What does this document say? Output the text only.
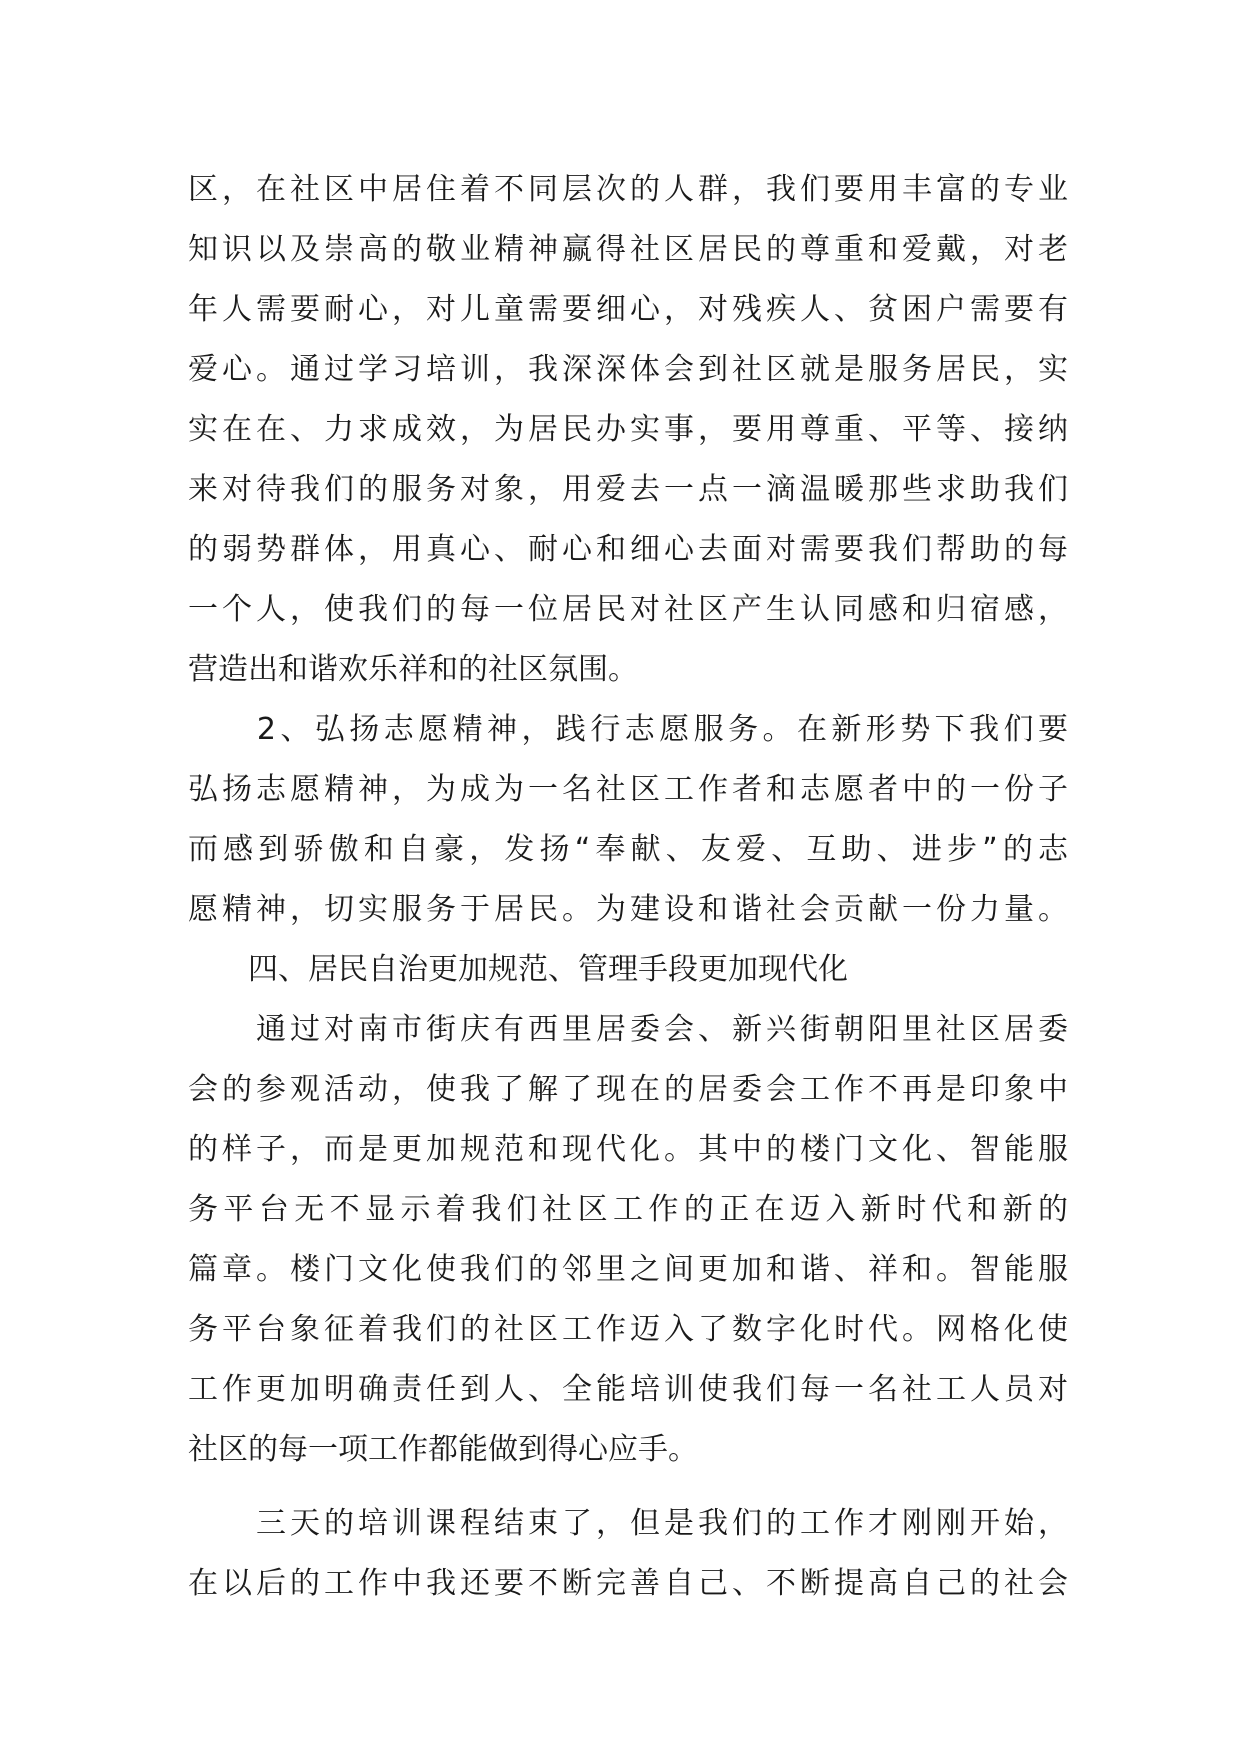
区，在社区中居住着不同层次的人群，我们要用丰富的专业
知识以及崇高的敬业精神赢得社区居民的尊重和爱戴，对老
年人需要耐心，对儿童需要细心，对残疾人、贫困户需要有
爱心。通过学习培训，我深深体会到社区就是服务居民，实
实在在、力求成效，为居民办实事，要用尊重、平等、接纳
来对待我们的服务对象，用爱去一点一滴温暖那些求助我们
的弱势群体，用真心、耐心和细心去面对需要我们帮助的每
一个人，使我们的每一位居民对社区产生认同感和归宿感，
营造出和谐欢乐祥和的社区氛围。
　　2、弘扬志愿精神，践行志愿服务。在新形势下我们要
弘扬志愿精神，为成为一名社区工作者和志愿者中的一份子
而感到骄傲和自豪，发扬“奉献、友爱、互助、进步”的志
愿精神，切实服务于居民。为建设和谐社会贡献一份力量。
　　四、居民自治更加规范、管理手段更加现代化
　　通过对南市街庆有西里居委会、新兴街朝阳里社区居委
会的参观活动，使我了解了现在的居委会工作不再是印象中
的样子，而是更加规范和现代化。其中的楼门文化、智能服
务平台无不显示着我们社区工作的正在迈入新时代和新的
篇章。楼门文化使我们的邻里之间更加和谐、祥和。智能服
务平台象征着我们的社区工作迈入了数字化时代。网格化使
工作更加明确责任到人、全能培训使我们每一名社工人员对
社区的每一项工作都能做到得心应手。
　　三天的培训课程结束了，但是我们的工作才刚刚开始，
在以后的工作中我还要不断完善自己、不断提高自己的社会
